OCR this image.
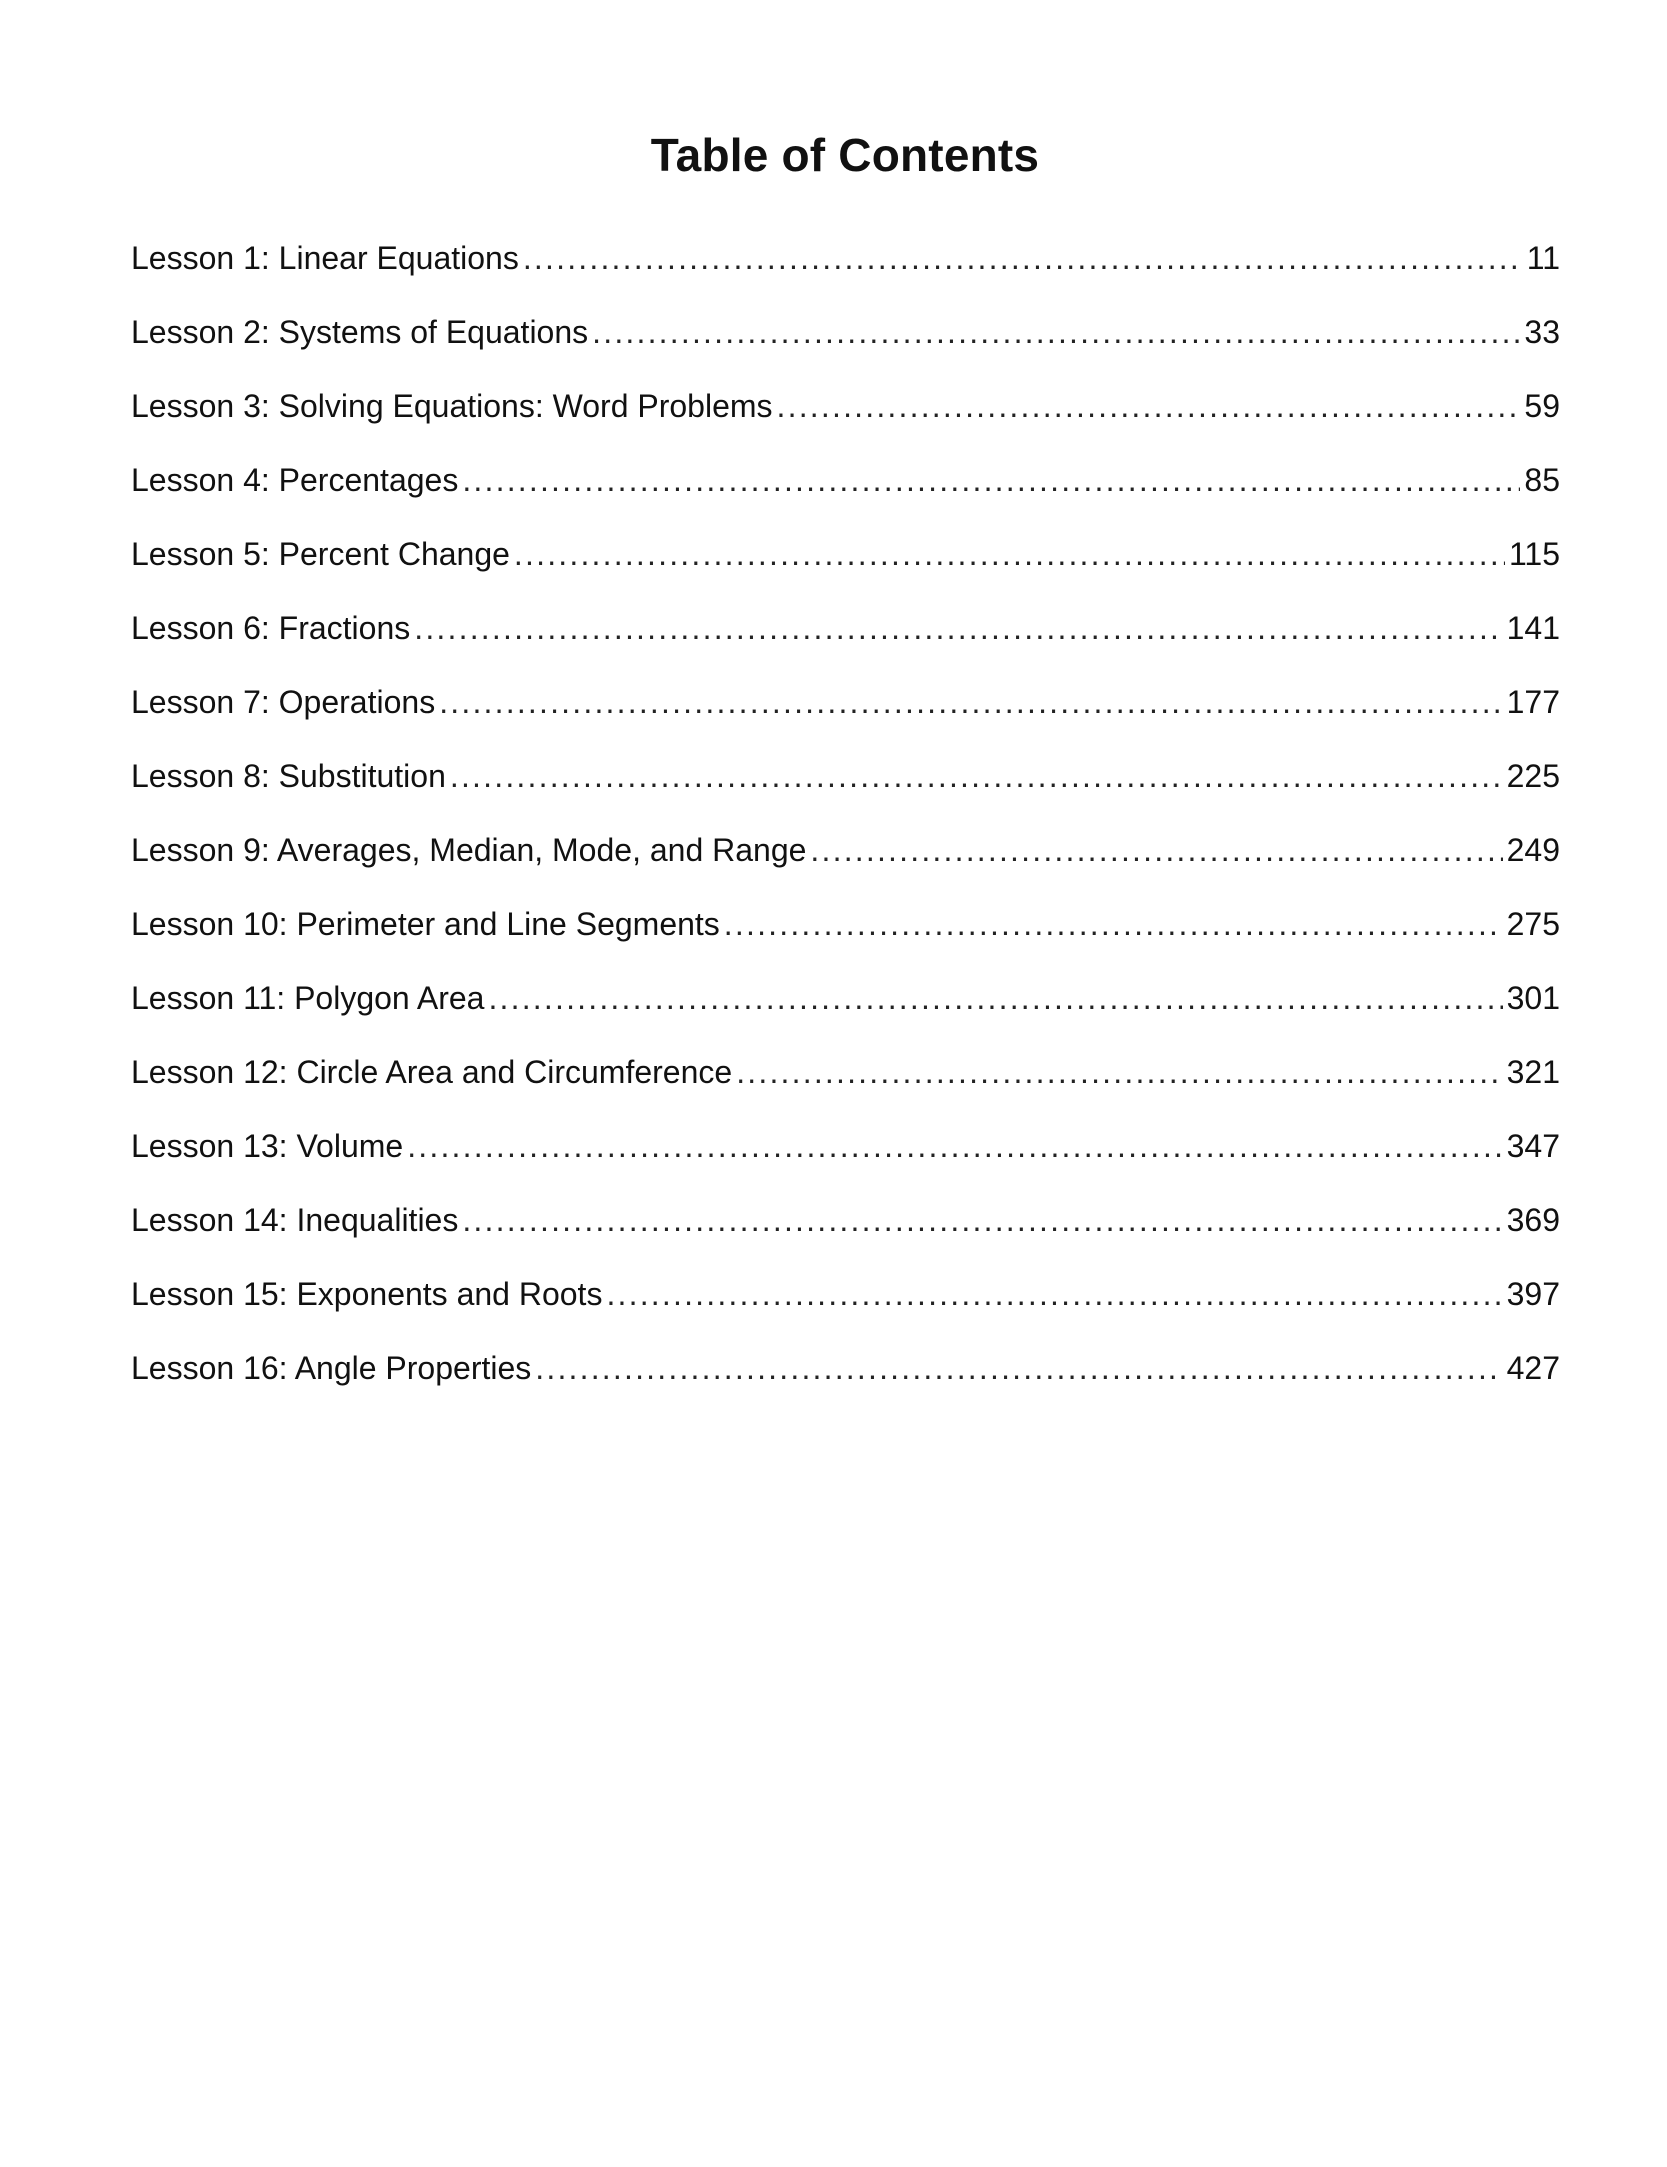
Table of Contents
Lesson 1: Linear Equations .....	11
Lesson 2: Systems of Equations .....	33
Lesson 3: Solving Equations: Word Problems .....	59
Lesson 4: Percentages .....	85
Lesson 5: Percent Change .....	115
Lesson 6: Fractions .....	141
Lesson 7: Operations .....	177
Lesson 8: Substitution .....	225
Lesson 9: Averages, Median, Mode, and Range .....	249
Lesson 10: Perimeter and Line Segments .....	275
Lesson 11: Polygon Area .....	301
Lesson 12: Circle Area and Circumference .....	321
Lesson 13: Volume .....	347
Lesson 14: Inequalities .....	369
Lesson 15: Exponents and Roots .....	397
Lesson 16: Angle Properties .....	427
